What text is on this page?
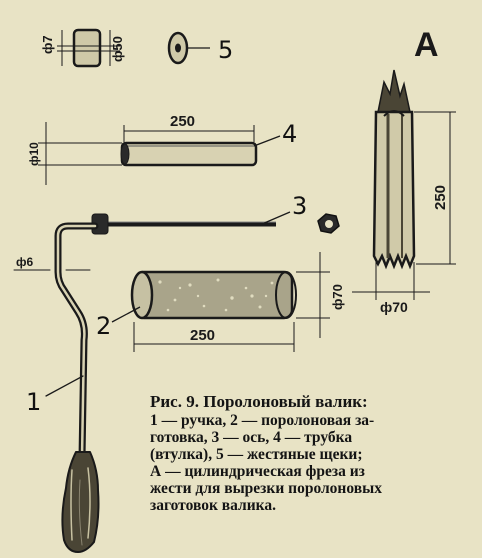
ф7	ф50	5	А
4
250
ф10
3
ф6
1
2
ф70
250
250
ф70
Рис. 9. Поролоновый валик:
1 — ручка, 2 — поролоновая за-
готовка, 3 — ось, 4 — трубка
(втулка), 5 — жестяные щеки;
А — цилиндрическая фреза из
жести для вырезки поролоновых
заготовок валика.
